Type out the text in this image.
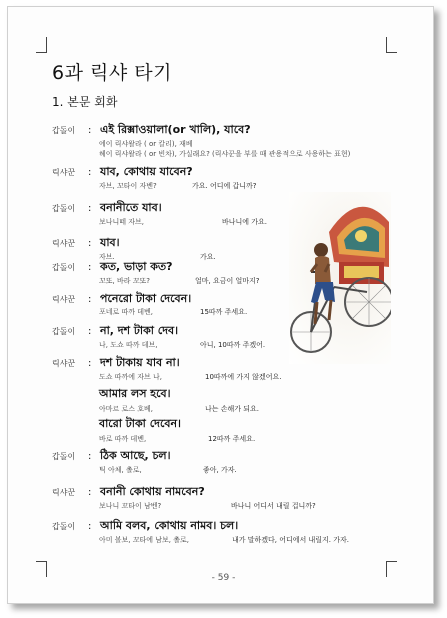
6과 릭샤 타기
1. 본문 회화
갑돌이 : এই রিক্সাওয়ালা(or খালি), যাবে?
에이 릭샤왈라 ( or 칼리), 재베
헤이 릭샤왈라 ( or 빈차), 가실래요? (릭샤꾼을 부를 때 관용적으로 사용하는 표현)
릭샤꾼 : যাব, কোথায় যাবেন?
자브, 꼬타이 자벤?	가요. 어디에 갑니까?
갑돌이 : বনানীতে যাব।
보나니떼 자브,	바나니에 가요.
릭샤꾼 : যাব।
자브.	가요.
갑돌이 : কত, ভাড়া কত?
꼬또, 바라 꼬또?	얼마, 요금이 얼마지?
릭샤꾼 : পনেরো টাকা দেবেন।
포네로 따까 데벤,	15따까 주세요.
갑돌이 : না, দশ টাকা দেব।
나, 도쇼 따까 데브,	아니, 10따까 주겠어.
릭샤꾼 : দশ টাকায় যাব না।
도쇼 따까에 자브 나,	10따까에 가지 않겠어요.
আমার লস হবে।
아마르 로스 호베,	나는 손해가 되요.
বারো টাকা দেবেন।
바로 따까 데벤,	12따까 주세요.
갑돌이 : ঠিক আছে, চল।
틱 아체, 촐로,	좋아, 가자.
릭샤꾼 : বনানী কোথায় নামবেন?
보나니 꼬타이 남벤?	바나니 어디서 내릴 겁니까?
갑돌이 : আমি বলব, কোথায় নামব। চল।
아미 볼보, 꼬타에 남보, 촐로,	내가 말하겠다, 어디에서 내릴지. 가자.
- 59 -
